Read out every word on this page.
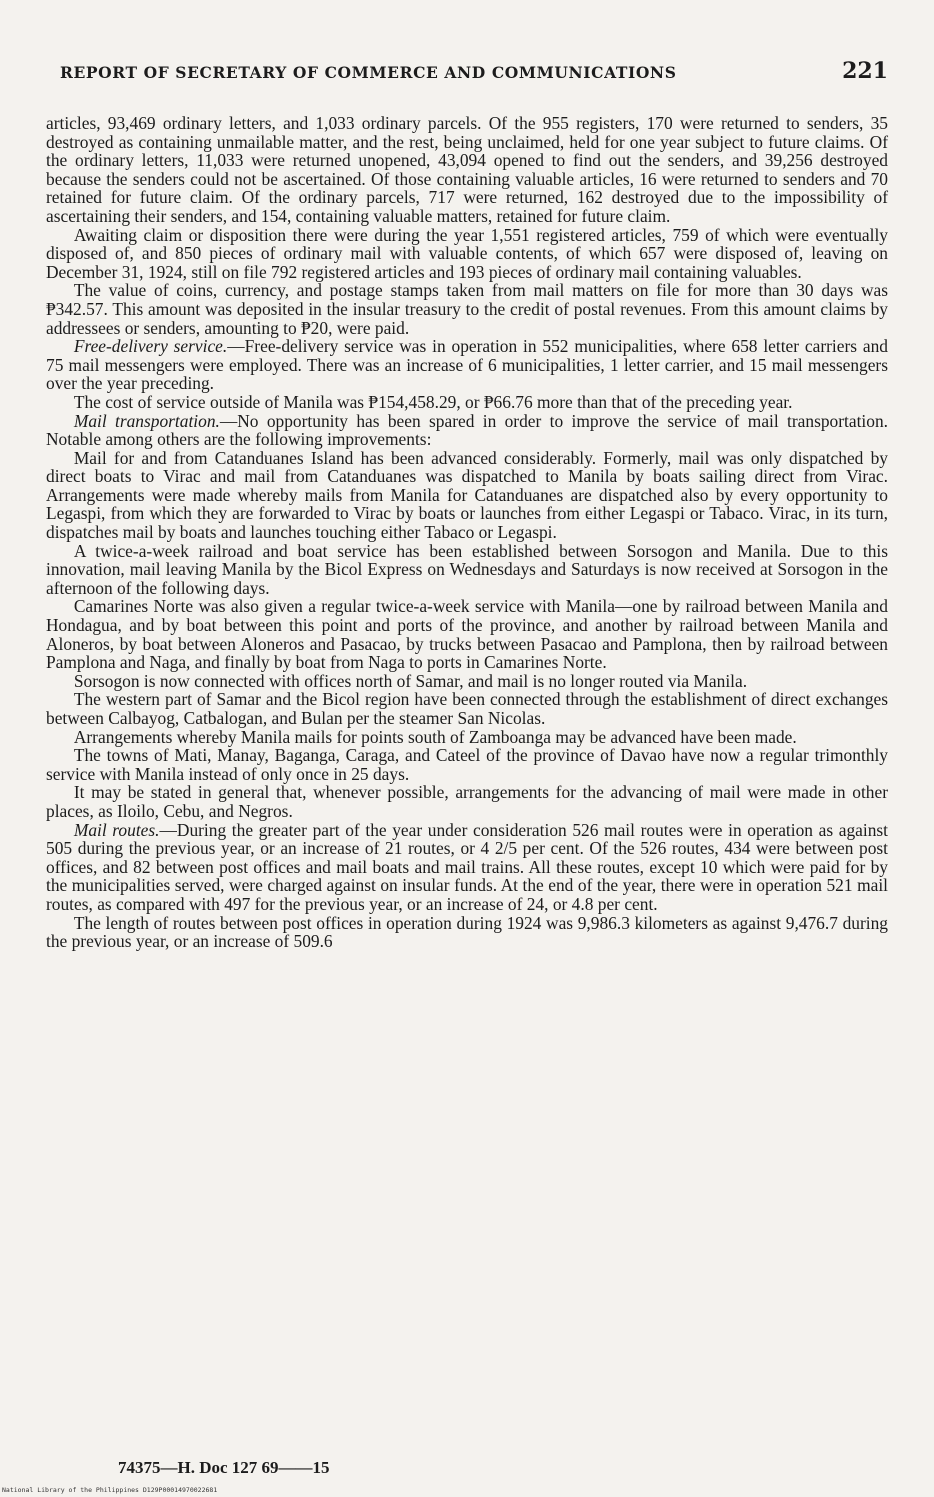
REPORT OF SECRETARY OF COMMERCE AND COMMUNICATIONS	221

articles, 93,469 ordinary letters, and 1,033 ordinary parcels. Of the 955 registers, 170 were returned to senders, 35 destroyed as containing unmailable matter, and the rest, being unclaimed, held for one year subject to future claims. Of the ordinary letters, 11,033 were returned unopened, 43,094 opened to find out the senders, and 39,256 destroyed because the senders could not be ascertained. Of those containing valuable articles, 16 were returned to senders and 70 retained for future claim. Of the ordinary parcels, 717 were returned, 162 destroyed due to the impossibility of ascertaining their senders, and 154, containing valuable matters, retained for future claim.

Awaiting claim or disposition there were during the year 1,551 registered articles, 759 of which were eventually disposed of, and 850 pieces of ordinary mail with valuable contents, of which 657 were disposed of, leaving on December 31, 1924, still on file 792 registered articles and 193 pieces of ordinary mail containing valuables.

The value of coins, currency, and postage stamps taken from mail matters on file for more than 30 days was ₱342.57. This amount was deposited in the insular treasury to the credit of postal revenues. From this amount claims by addressees or senders, amounting to ₱20, were paid.

Free-delivery service.—Free-delivery service was in operation in 552 municipalities, where 658 letter carriers and 75 mail messengers were employed. There was an increase of 6 municipalities, 1 letter carrier, and 15 mail messengers over the year preceding.

The cost of service outside of Manila was ₱154,458.29, or ₱66.76 more than that of the preceding year.

Mail transportation.—No opportunity has been spared in order to improve the service of mail transportation. Notable among others are the following improvements:

Mail for and from Catanduanes Island has been advanced considerably. Formerly, mail was only dispatched by direct boats to Virac and mail from Catanduanes was dispatched to Manila by boats sailing direct from Virac. Arrangements were made whereby mails from Manila for Catanduanes are dispatched also by every opportunity to Legaspi, from which they are forwarded to Virac by boats or launches from either Legaspi or Tabaco. Virac, in its turn, dispatches mail by boats and launches touching either Tabaco or Legaspi.

A twice-a-week railroad and boat service has been established between Sorsogon and Manila. Due to this innovation, mail leaving Manila by the Bicol Express on Wednesdays and Saturdays is now received at Sorsogon in the afternoon of the following days.

Camarines Norte was also given a regular twice-a-week service with Manila—one by railroad between Manila and Hondagua, and by boat between this point and ports of the province, and another by railroad between Manila and Aloneros, by boat between Aloneros and Pasacao, by trucks between Pasacao and Pamplona, then by railroad between Pamplona and Naga, and finally by boat from Naga to ports in Camarines Norte.

Sorsogon is now connected with offices north of Samar, and mail is no longer routed via Manila.

The western part of Samar and the Bicol region have been connected through the establishment of direct exchanges between Calbayog, Catbalogan, and Bulan per the steamer San Nicolas.

Arrangements whereby Manila mails for points south of Zamboanga may be advanced have been made.

The towns of Mati, Manay, Baganga, Caraga, and Cateel of the province of Davao have now a regular trimonthly service with Manila instead of only once in 25 days.

It may be stated in general that, whenever possible, arrangements for the advancing of mail were made in other places, as Iloilo, Cebu, and Negros.

Mail routes.—During the greater part of the year under consideration 526 mail routes were in operation as against 505 during the previous year, or an increase of 21 routes, or 4 2/5 per cent. Of the 526 routes, 434 were between post offices, and 82 between post offices and mail boats and mail trains. All these routes, except 10 which were paid for by the municipalities served, were charged against on insular funds. At the end of the year, there were in operation 521 mail routes, as compared with 497 for the previous year, or an increase of 24, or 4.8 per cent.

The length of routes between post offices in operation during 1924 was 9,986.3 kilometers as against 9,476.7 during the previous year, or an increase of 509.6

74375—H. Doc 127 69——15
National Library of the Philippines D129P00014970022681
